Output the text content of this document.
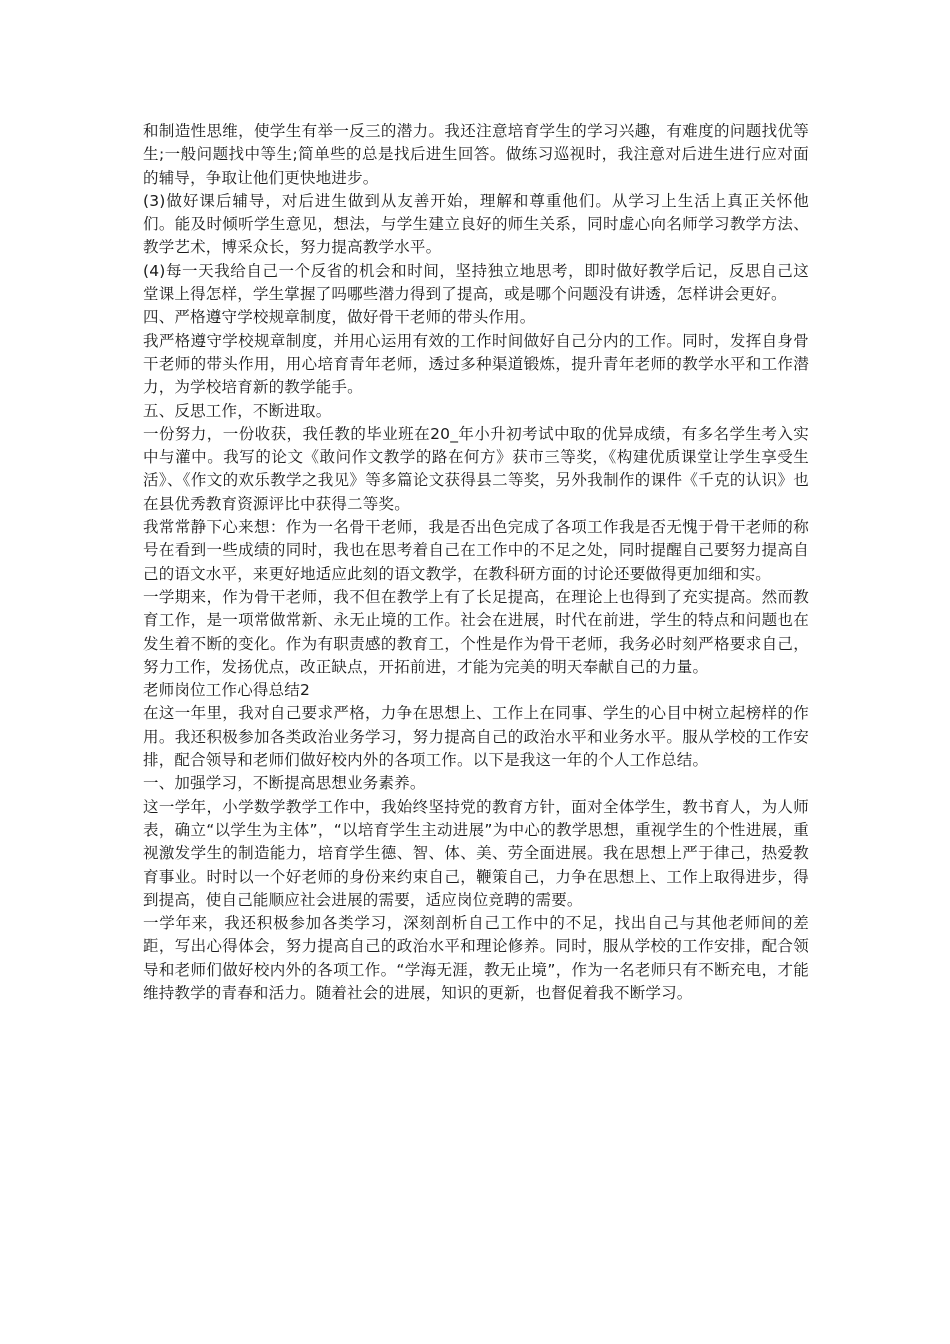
和制造性思维，使学生有举一反三的潜力。我还注意培育学生的学习兴趣，有难度的问题找优等生;一般问题找中等生;简单些的总是找后进生回答。做练习巡视时，我注意对后进生进行应对面的辅导，争取让他们更快地进步。

(3)做好课后辅导，对后进生做到从友善开始，理解和尊重他们。从学习上生活上真正关怀他们。能及时倾听学生意见，想法，与学生建立良好的师生关系，同时虚心向名师学习教学方法、教学艺术，博采众长，努力提高教学水平。

(4)每一天我给自己一个反省的机会和时间，坚持独立地思考，即时做好教学后记，反思自己这堂课上得怎样，学生掌握了吗哪些潜力得到了提高，或是哪个问题没有讲透，怎样讲会更好。

四、严格遵守学校规章制度，做好骨干老师的带头作用。

我严格遵守学校规章制度，并用心运用有效的工作时间做好自己分内的工作。同时，发挥自身骨干老师的带头作用，用心培育青年老师，透过多种渠道锻炼，提升青年老师的教学水平和工作潜力，为学校培育新的教学能手。

五、反思工作，不断进取。

一份努力，一份收获，我任教的毕业班在20_年小升初考试中取的优异成绩，有多名学生考入实中与灌中。我写的论文《敢问作文教学的路在何方》获市三等奖，《构建优质课堂让学生享受生活》、《作文的欢乐教学之我见》等多篇论文获得县二等奖，另外我制作的课件《千克的认识》也在县优秀教育资源评比中获得二等奖。

我常常静下心来想：作为一名骨干老师，我是否出色完成了各项工作我是否无愧于骨干老师的称号在看到一些成绩的同时，我也在思考着自己在工作中的不足之处，同时提醒自己要努力提高自己的语文水平，来更好地适应此刻的语文教学，在教科研方面的讨论还要做得更加细和实。

一学期来，作为骨干老师，我不但在教学上有了长足提高，在理论上也得到了充实提高。然而教育工作，是一项常做常新、永无止境的工作。社会在进展，时代在前进，学生的特点和问题也在发生着不断的变化。作为有职责感的教育工，个性是作为骨干老师，我务必时刻严格要求自己，努力工作，发扬优点，改正缺点，开拓前进，才能为完美的明天奉献自己的力量。

老师岗位工作心得总结2

在这一年里，我对自己要求严格，力争在思想上、工作上在同事、学生的心目中树立起榜样的作用。我还积极参加各类政治业务学习，努力提高自己的政治水平和业务水平。服从学校的工作安排，配合领导和老师们做好校内外的各项工作。以下是我这一年的个人工作总结。

一、加强学习，不断提高思想业务素养。

这一学年，小学数学教学工作中，我始终坚持党的教育方针，面对全体学生，教书育人，为人师表，确立“以学生为主体”，“以培育学生主动进展”为中心的教学思想，重视学生的个性进展，重视激发学生的制造能力，培育学生德、智、体、美、劳全面进展。我在思想上严于律己，热爱教育事业。时时以一个好老师的身份来约束自己，鞭策自己，力争在思想上、工作上取得进步，得到提高，使自己能顺应社会进展的需要，适应岗位竞聘的需要。

一学年来，我还积极参加各类学习，深刻剖析自己工作中的不足，找出自己与其他老师间的差距，写出心得体会，努力提高自己的政治水平和理论修养。同时，服从学校的工作安排，配合领导和老师们做好校内外的各项工作。“学海无涯，教无止境”，作为一名老师只有不断充电，才能维持教学的青春和活力。随着社会的进展，知识的更新，也督促着我不断学习。
